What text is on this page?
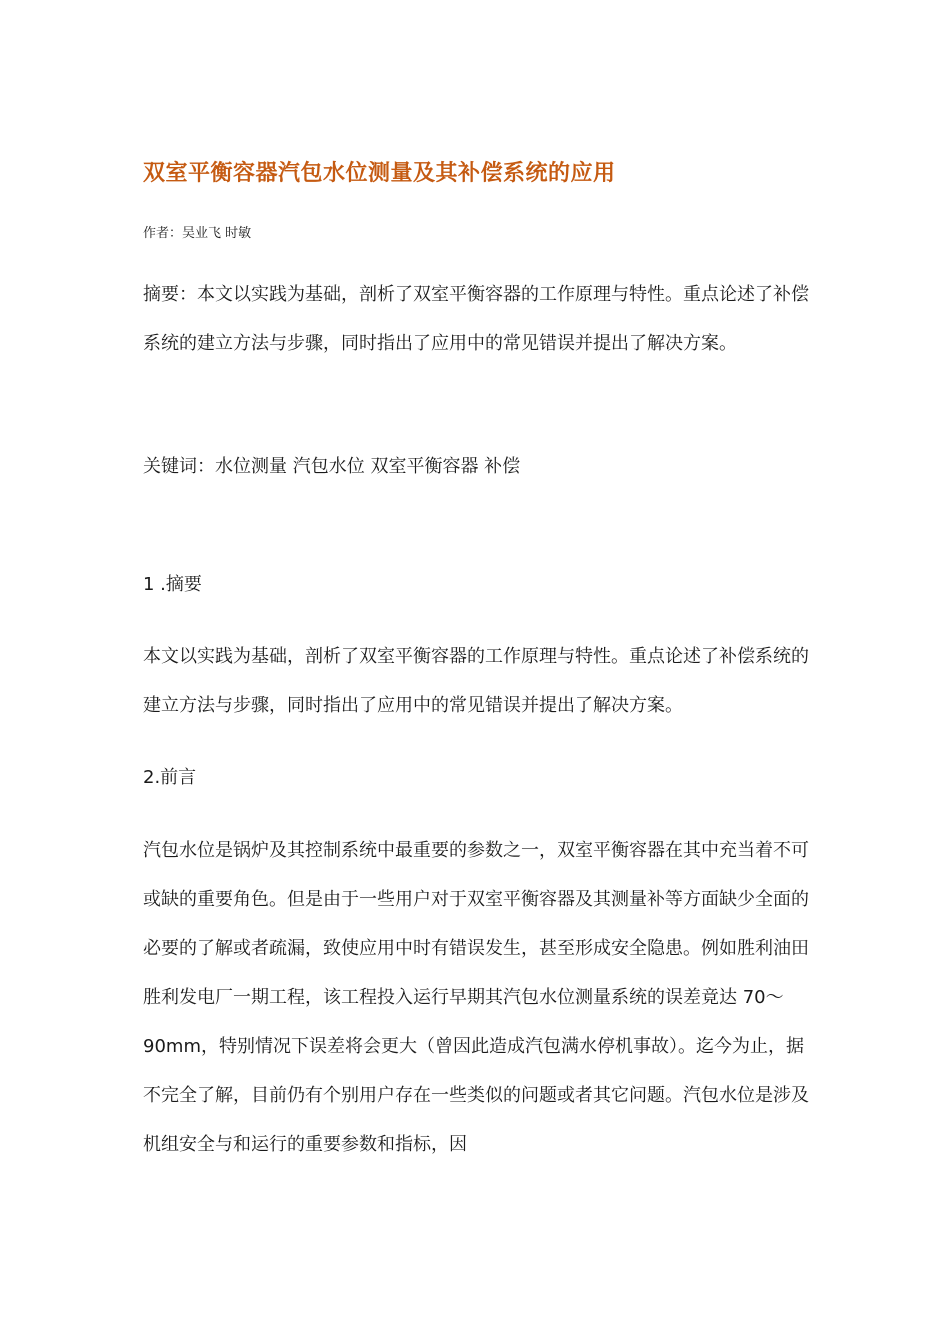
双室平衡容器汽包水位测量及其补偿系统的应用
作者：吴业飞 时敏

摘要：本文以实践为基础，剖析了双室平衡容器的工作原理与特性。重点论述了补偿系统的建立方法与步骤，同时指出了应用中的常见错误并提出了解决方案。

关键词：水位测量 汽包水位 双室平衡容器 补偿

1 .摘要

本文以实践为基础，剖析了双室平衡容器的工作原理与特性。重点论述了补偿系统的建立方法与步骤，同时指出了应用中的常见错误并提出了解决方案。

2.前言

汽包水位是锅炉及其控制系统中最重要的参数之一，双室平衡容器在其中充当着不可或缺的重要角色。但是由于一些用户对于双室平衡容器及其测量补等方面缺少全面的必要的了解或者疏漏，致使应用中时有错误发生，甚至形成安全隐患。例如胜利油田胜利发电厂一期工程，该工程投入运行早期其汽包水位测量系统的误差竟达 70～90mm，特别情况下误差将会更大（曾因此造成汽包满水停机事故）。迄今为止，据不完全了解，目前仍有个别用户存在一些类似的问题或者其它问题。汽包水位是涉及机组安全与和运行的重要参数和指标，因
